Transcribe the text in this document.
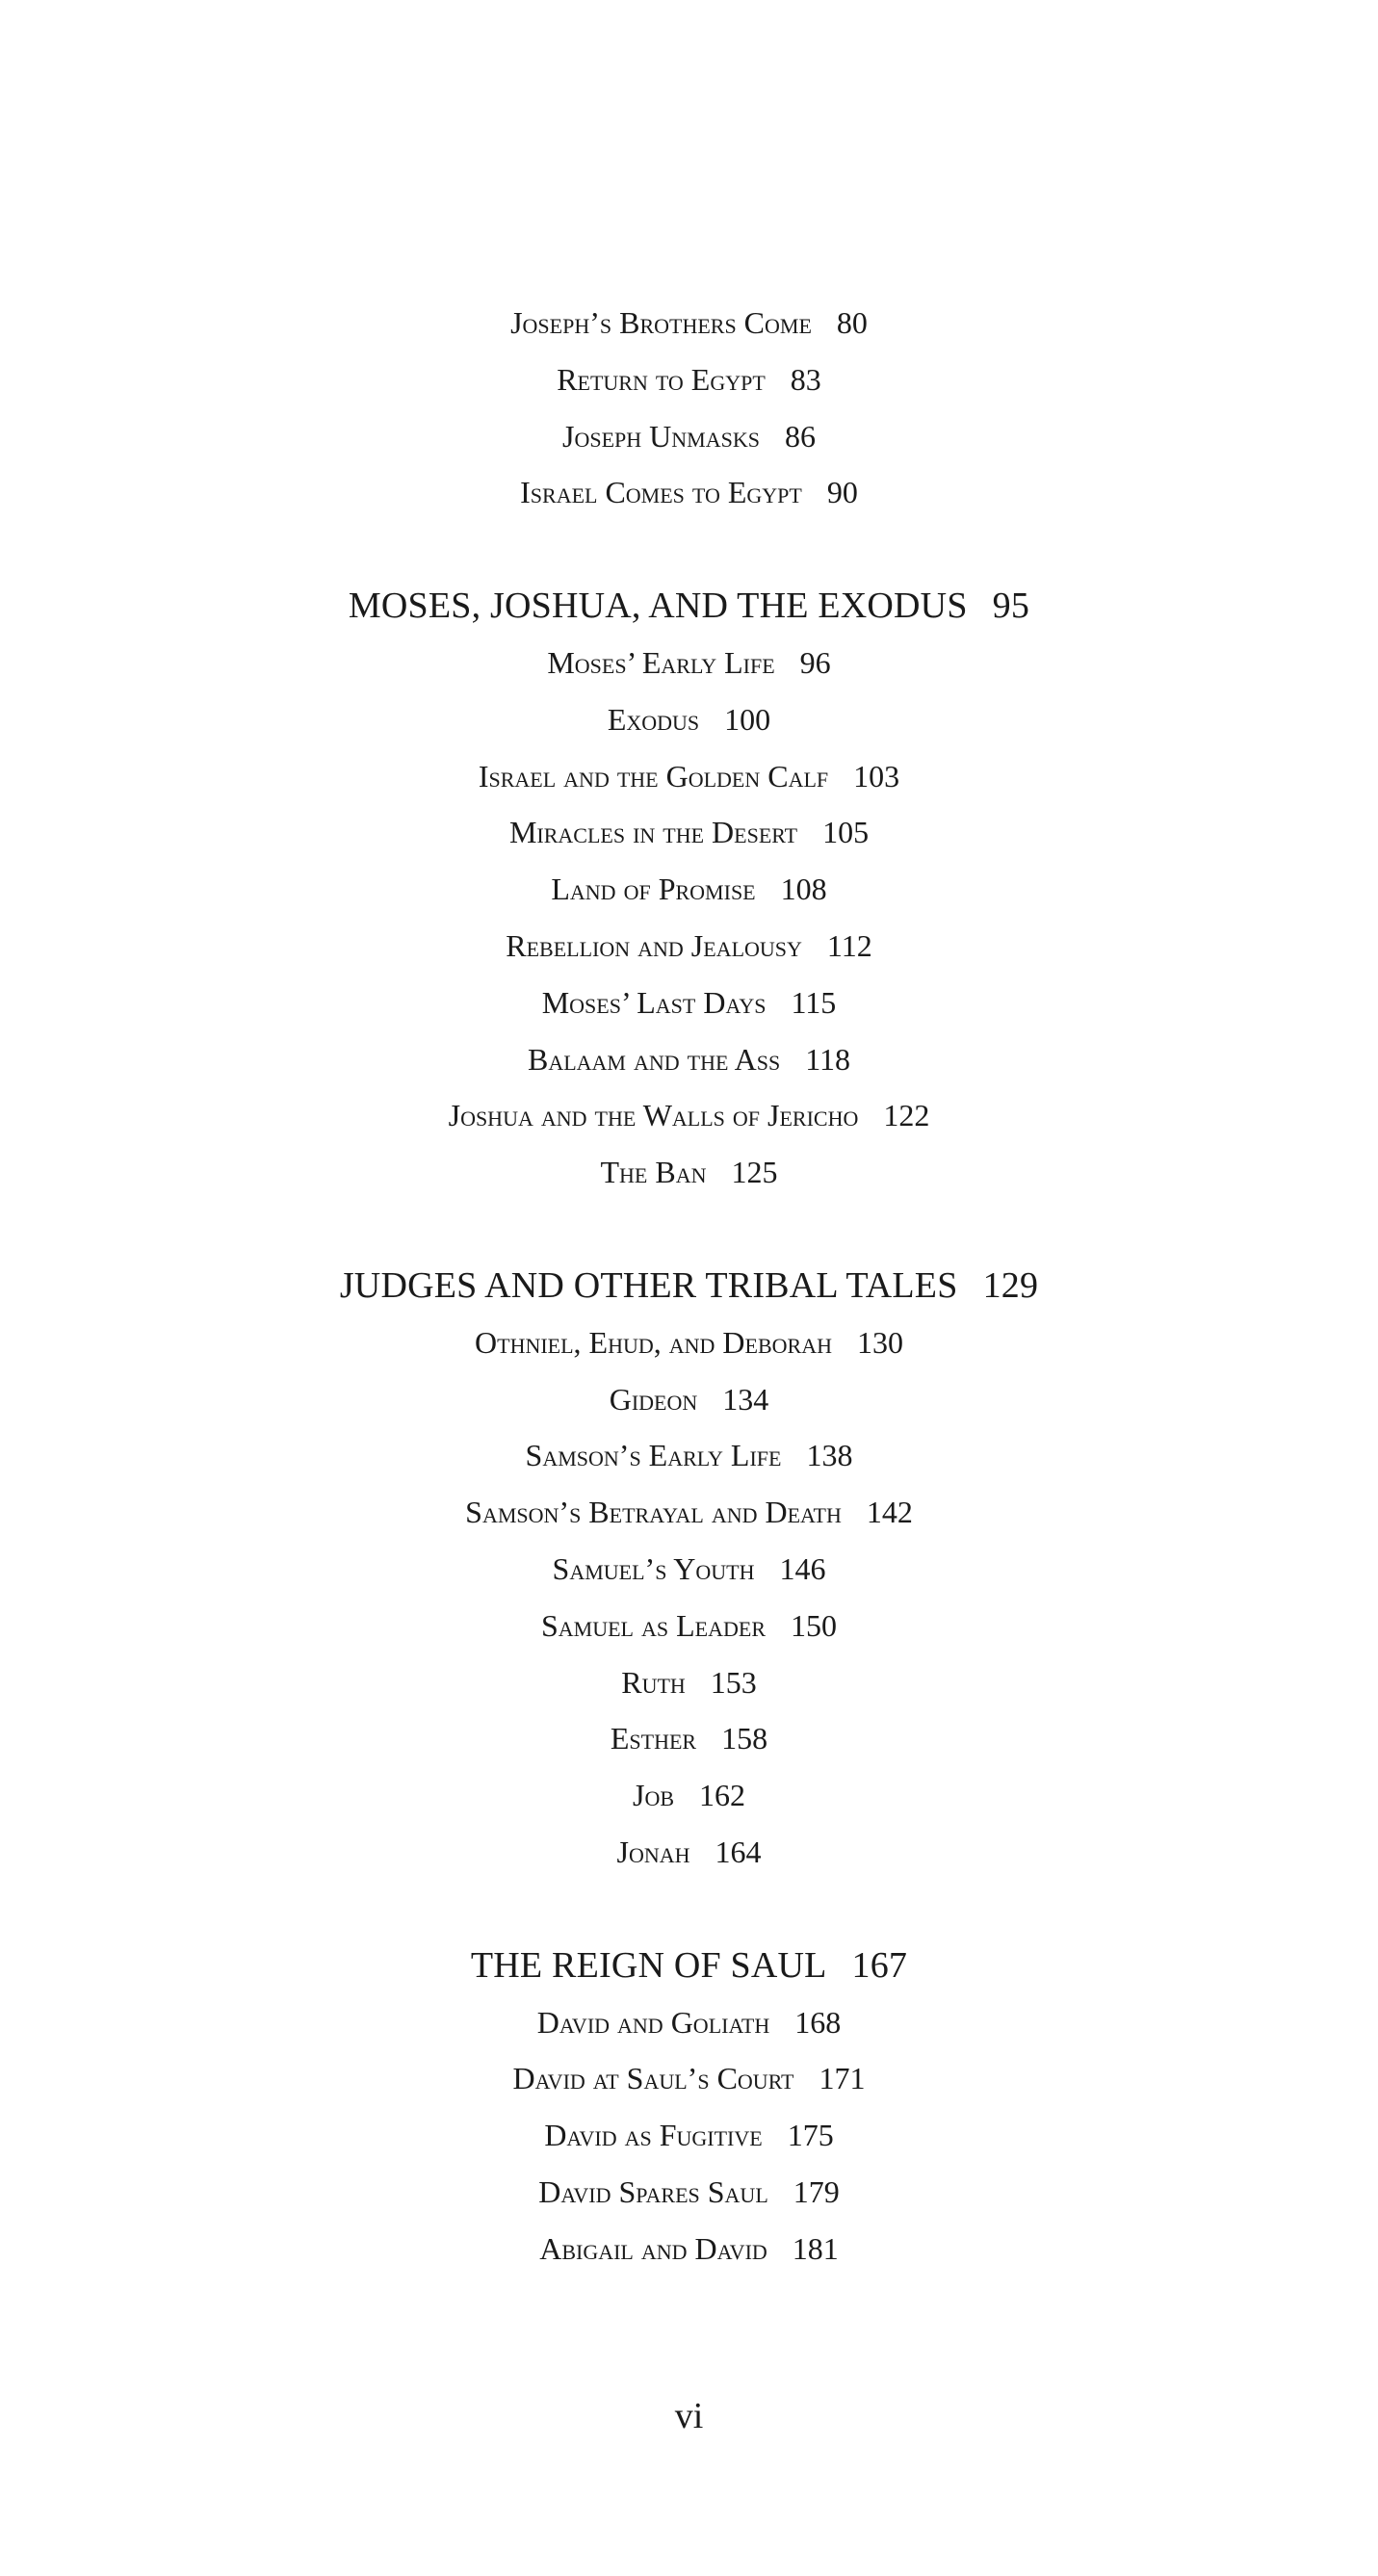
Joseph’s Brothers Come 80
Return to Egypt 83
Joseph Unmasks 86
Israel Comes to Egypt 90
MOSES, JOSHUA, AND THE EXODUS 95
Moses’ Early Life 96
Exodus 100
Israel and the Golden Calf 103
Miracles in the Desert 105
Land of Promise 108
Rebellion and Jealousy 112
Moses’ Last Days 115
Balaam and the Ass 118
Joshua and the Walls of Jericho 122
The Ban 125
JUDGES AND OTHER TRIBAL TALES 129
Othniel, Ehud, and Deborah 130
Gideon 134
Samson’s Early Life 138
Samson’s Betrayal and Death 142
Samuel’s Youth 146
Samuel as Leader 150
Ruth 153
Esther 158
Job 162
Jonah 164
THE REIGN OF SAUL 167
David and Goliath 168
David at Saul’s Court 171
David as Fugitive 175
David Spares Saul 179
Abigail and David 181
vi
